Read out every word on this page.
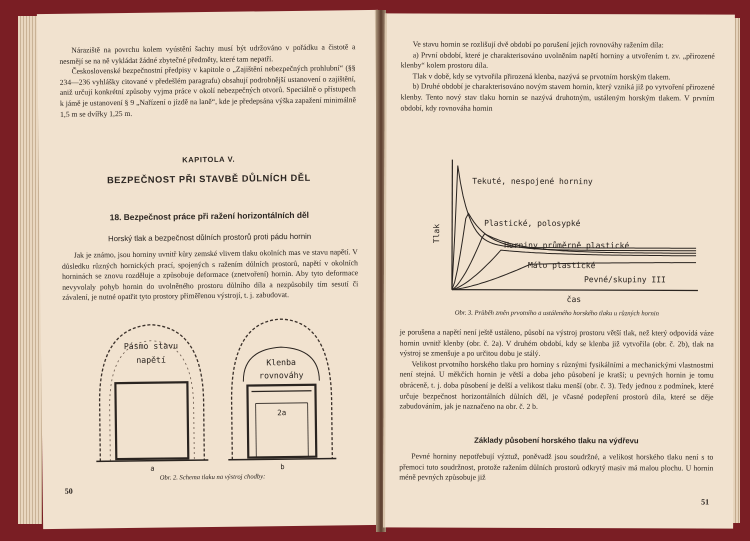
Náraziště na povrchu kolem vyústění šachty musí být udržováno v pořádku a čistotě a nesmějí se na ně vykládat žádné zbytečné předměty, které tam nepatří.

Československé bezpečnostní předpisy v kapitole o „Zajištění nebezpečných prohlubní“ (§§ 234—236 vyhlášky citované v předešlém paragrafu) obsahují podrobnější ustanovení o zajištění, aniž určují konkrétní způsoby vyjma práce v okolí nebezpečných otvorů. Speciálně o přístupech k jámě je ustanovení § 9 „Nařízení o jízdě na laně“, kde je předepsána výška zapažení minimálně 1,5 m se dvířky 1,25 m.

KAPITOLA V.
BEZPEČNOST PŘI STAVBĚ DŮLNÍCH DĚL
18. Bezpečnost práce při ražení horizontálních děl
Horský tlak a bezpečnost důlních prostorů proti pádu hornin

Jak je známo, jsou horniny uvnitř kůry zemské vlivem tlaku okolních mas ve stavu napětí. V důsledku různých hornických prací, spojených s ražením důlních prostorů, napětí v okolních horninách se znovu rozděluje a způsobuje deformace (znetvoření) hornin. Aby tyto deformace nevyvolaly pohyb hornin do uvolněného prostoru důlního díla a nezpůsobily tím sesutí či závalení, je nutné opatřit tyto prostory přiměřenou výstrojí, t. j. zabudovat.

Pásmo stavu
napětí
a
Klenba
rovnováhy
2a
b
Obr. 2. Schema tlaku na výstroj chodby:
50

Ve stavu hornin se rozlišují dvě období po porušení jejich rovnováhy ražením díla:

a) První období, které je charakterisováno uvolněním napětí horniny a utvořením t. zv. „přirozené klenby“ kolem prostoru díla.

Tlak v době, kdy se vytvořila přirozená klenba, nazývá se prvotním horským tlakem.

b) Druhé období je charakterisováno novým stavem hornin, který vzniká již po vytvoření přirozené klenby. Tento nový stav tlaku hornin se nazývá druhotným, ustáleným horským tlakem. V prvním období, kdy rovnováha hornin

Tlak
čas
Tekuté, nespojené horniny
Plastické, polosypké
Horniny průměrně plastické
Málo plastické
Pevné/skupiny III
Obr. 3. Průběh změn prvotního a ustáleného horského tlaku u různých hornin

je porušena a napětí není ještě ustáleno, působí na výstroj prostoru větší tlak, než který odpovídá váze hornin uvnitř klenby (obr. č. 2a). V druhém období, kdy se klenba již vytvořila (obr. č. 2b), tlak na výstroj se zmenšuje a po určitou dobu je stálý.

Velikost prvotního horského tlaku pro horniny s různými fysikálními a mechanickými vlastnostmi není stejná. U měkčích hornin je větší a doba jeho působení je kratší; u pevných hornin je tomu obráceně, t. j. doba působení je delší a velikost tlaku menší (obr. č. 3). Tedy jednou z podmínek, které určuje bezpečnost horizontálních důlních děl, je včasné podepření prostorů díla, které se děje zabudováním, jak je naznačeno na obr. č. 2 b.

Základy působení horského tlaku na výdřevu

Pevné horniny nepotřebují výztuž, poněvadž jsou soudržné, a velikost horského tlaku není s to přemoci tuto soudržnost, protože ražením důlních prostorů odkrytý masiv má malou plochu. U hornin méně pevných způsobuje již

51
